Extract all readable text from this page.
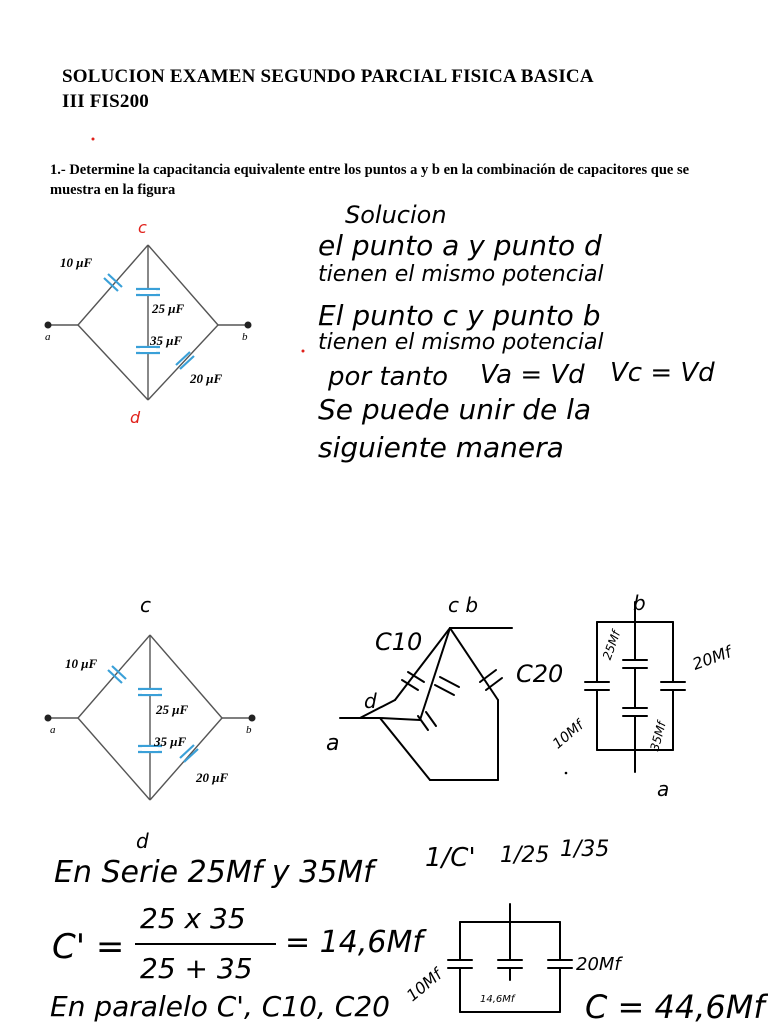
SOLUCION EXAMEN SEGUNDO PARCIAL FISICA BASICA
III FIS200
1.- Determine la capacitancia equivalente entre los puntos a y b en la combinación de capacitores que se muestra en la figura
10 μF
25 μF
35 μF
20 μF
a	b
c
d
Solucion
el punto a y punto d
tienen el mismo potencial
El punto c y punto b
tienen el mismo potencial
por tanto Va = Vd Vc = Vd
Se puede unir de la
siguiente manera
c
10 μF
25 μF
35 μF
20 μF
a	b
d
C10
C20
c b
d
a
b
a
25Mf	20Mf
10Mf	35Mf
En Serie 25Mf y 35Mf
C' =
25 x 35
25 + 35
= 14,6Mf
1/C' 1/25 1/35
En paralelo C', C10, C20
10Mf
20Mf
14,6Mf C = 44,6Mf
